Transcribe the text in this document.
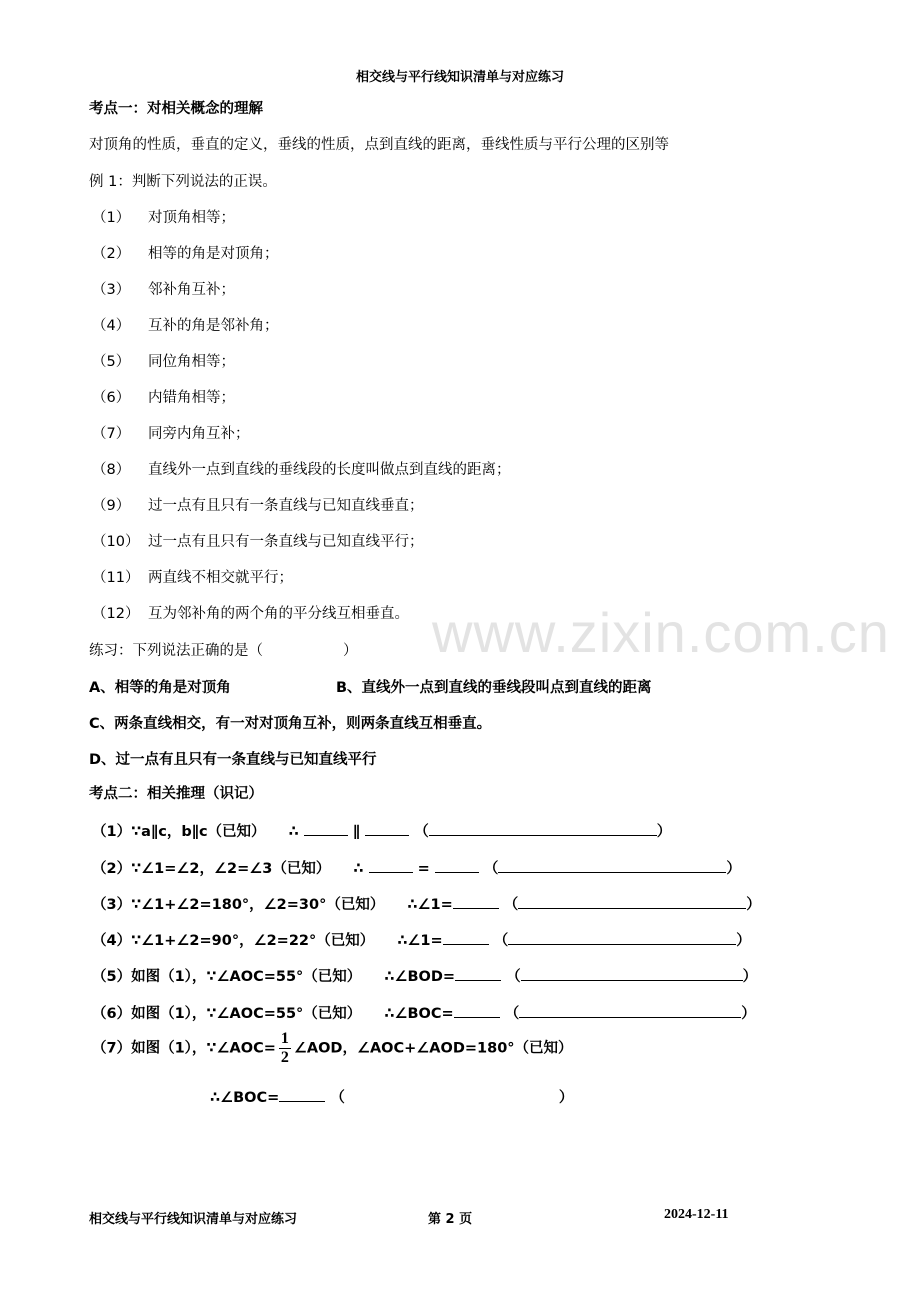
www.zixin.com.cn
相交线与平行线知识清单与对应练习
考点一：对相关概念的理解
对顶角的性质，垂直的定义，垂线的性质，点到直线的距离，垂线性质与平行公理的区别等
例 1：判断下列说法的正误。
（1） 对顶角相等；
（2） 相等的角是对顶角；
（3） 邻补角互补；
（4） 互补的角是邻补角；
（5） 同位角相等；
（6） 内错角相等；
（7） 同旁内角互补；
（8） 直线外一点到直线的垂线段的长度叫做点到直线的距离；
（9） 过一点有且只有一条直线与已知直线垂直；
（10） 过一点有且只有一条直线与已知直线平行；
（11） 两直线不相交就平行；
（12） 互为邻补角的两个角的平分线互相垂直。
练习：下列说法正确的是（	）
A、相等的角是对顶角	B、直线外一点到直线的垂线段叫点到直线的距离
C、两条直线相交，有一对对顶角互补，则两条直线互相垂直。
D、过一点有且只有一条直线与已知直线平行
考点二：相关推理（识记）
（1）∵a∥c，b∥c（已知） ∴	∥	（	）
（2）∵∠1=∠2，∠2=∠3（已知） ∴	=	（	）
（3）∵∠1+∠2=180°，∠2=30°（已知） ∴∠1=	（	）
（4）∵∠1+∠2=90°，∠2=22°（已知） ∴∠1=	（	）
（5）如图（1），∵∠AOC=55°（已知） ∴∠BOD=	（	）
（6）如图（1），∵∠AOC=55°（已知） ∴∠BOC=	（	）
（7）如图（1），∵∠AOC= $\frac{1}{2}$ ∠AOD，∠AOC+∠AOD=180°（已知）
∴∠BOC=	（	）
相交线与平行线知识清单与对应练习	第 2 页	2024-12-11
